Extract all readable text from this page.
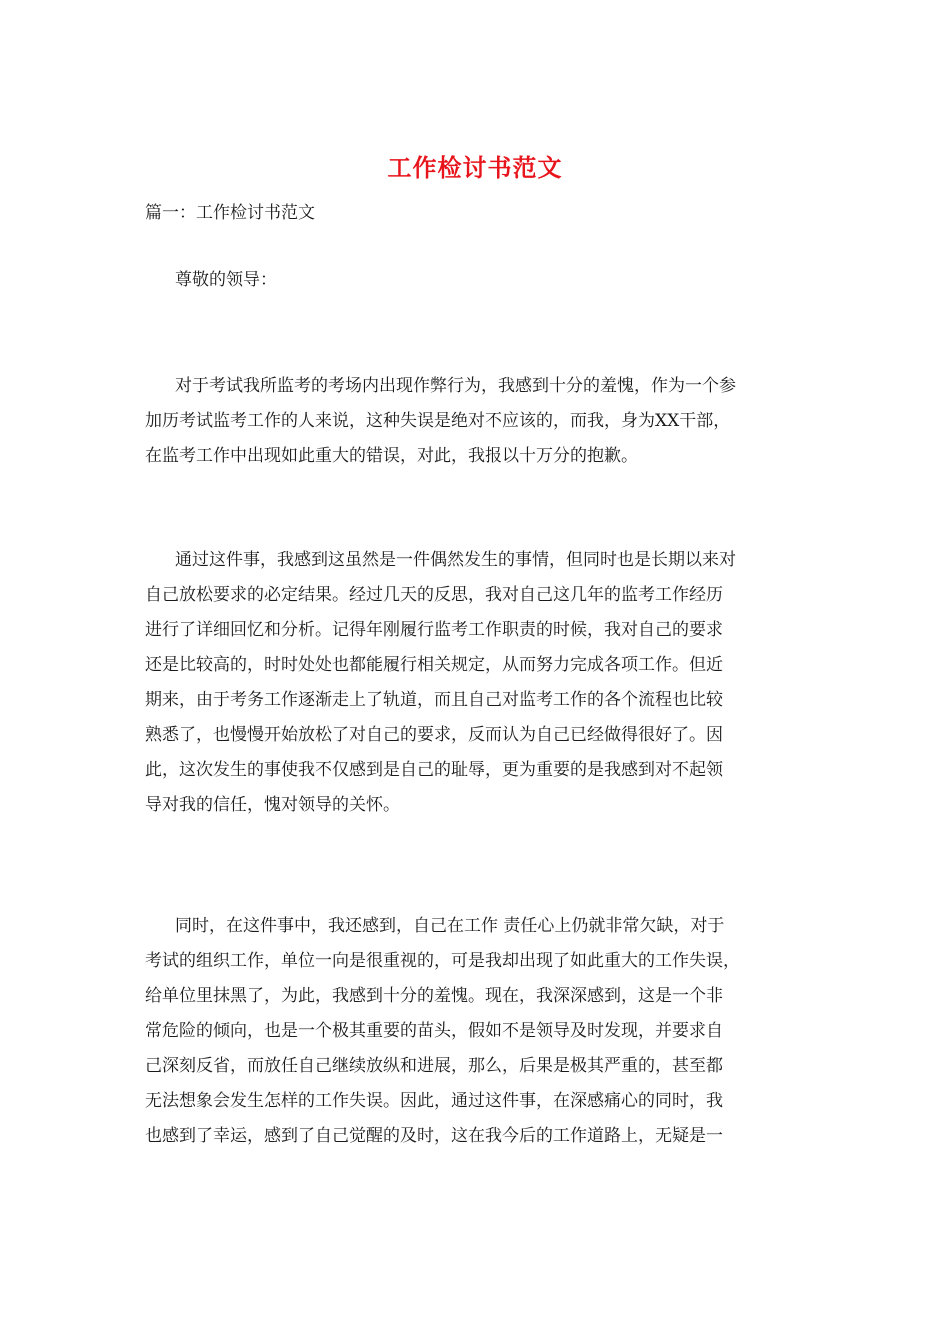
工作检讨书范文
篇一：工作检讨书范文
尊敬的领导：
对于考试我所监考的考场内出现作弊行为，我感到十分的羞愧，作为一个参
加历考试监考工作的人来说，这种失误是绝对不应该的，而我，身为XX干部，
在监考工作中出现如此重大的错误，对此，我报以十万分的抱歉。
通过这件事，我感到这虽然是一件偶然发生的事情，但同时也是长期以来对
自己放松要求的必定结果。经过几天的反思，我对自己这几年的监考工作经历
进行了详细回忆和分析。记得年刚履行监考工作职责的时候，我对自己的要求
还是比较高的，时时处处也都能履行相关规定，从而努力完成各项工作。但近
期来，由于考务工作逐渐走上了轨道，而且自己对监考工作的各个流程也比较
熟悉了，也慢慢开始放松了对自己的要求，反而认为自己已经做得很好了。因
此，这次发生的事使我不仅感到是自己的耻辱，更为重要的是我感到对不起领
导对我的信任，愧对领导的关怀。
同时，在这件事中，我还感到，自己在工作 责任心上仍就非常欠缺，对于
考试的组织工作，单位一向是很重视的，可是我却出现了如此重大的工作失误，
给单位里抹黑了，为此，我感到十分的羞愧。现在，我深深感到，这是一个非
常危险的倾向，也是一个极其重要的苗头，假如不是领导及时发现，并要求自
己深刻反省，而放任自己继续放纵和进展，那么，后果是极其严重的，甚至都
无法想象会发生怎样的工作失误。因此，通过这件事，在深感痛心的同时，我
也感到了幸运，感到了自己觉醒的及时，这在我今后的工作道路上，无疑是一
